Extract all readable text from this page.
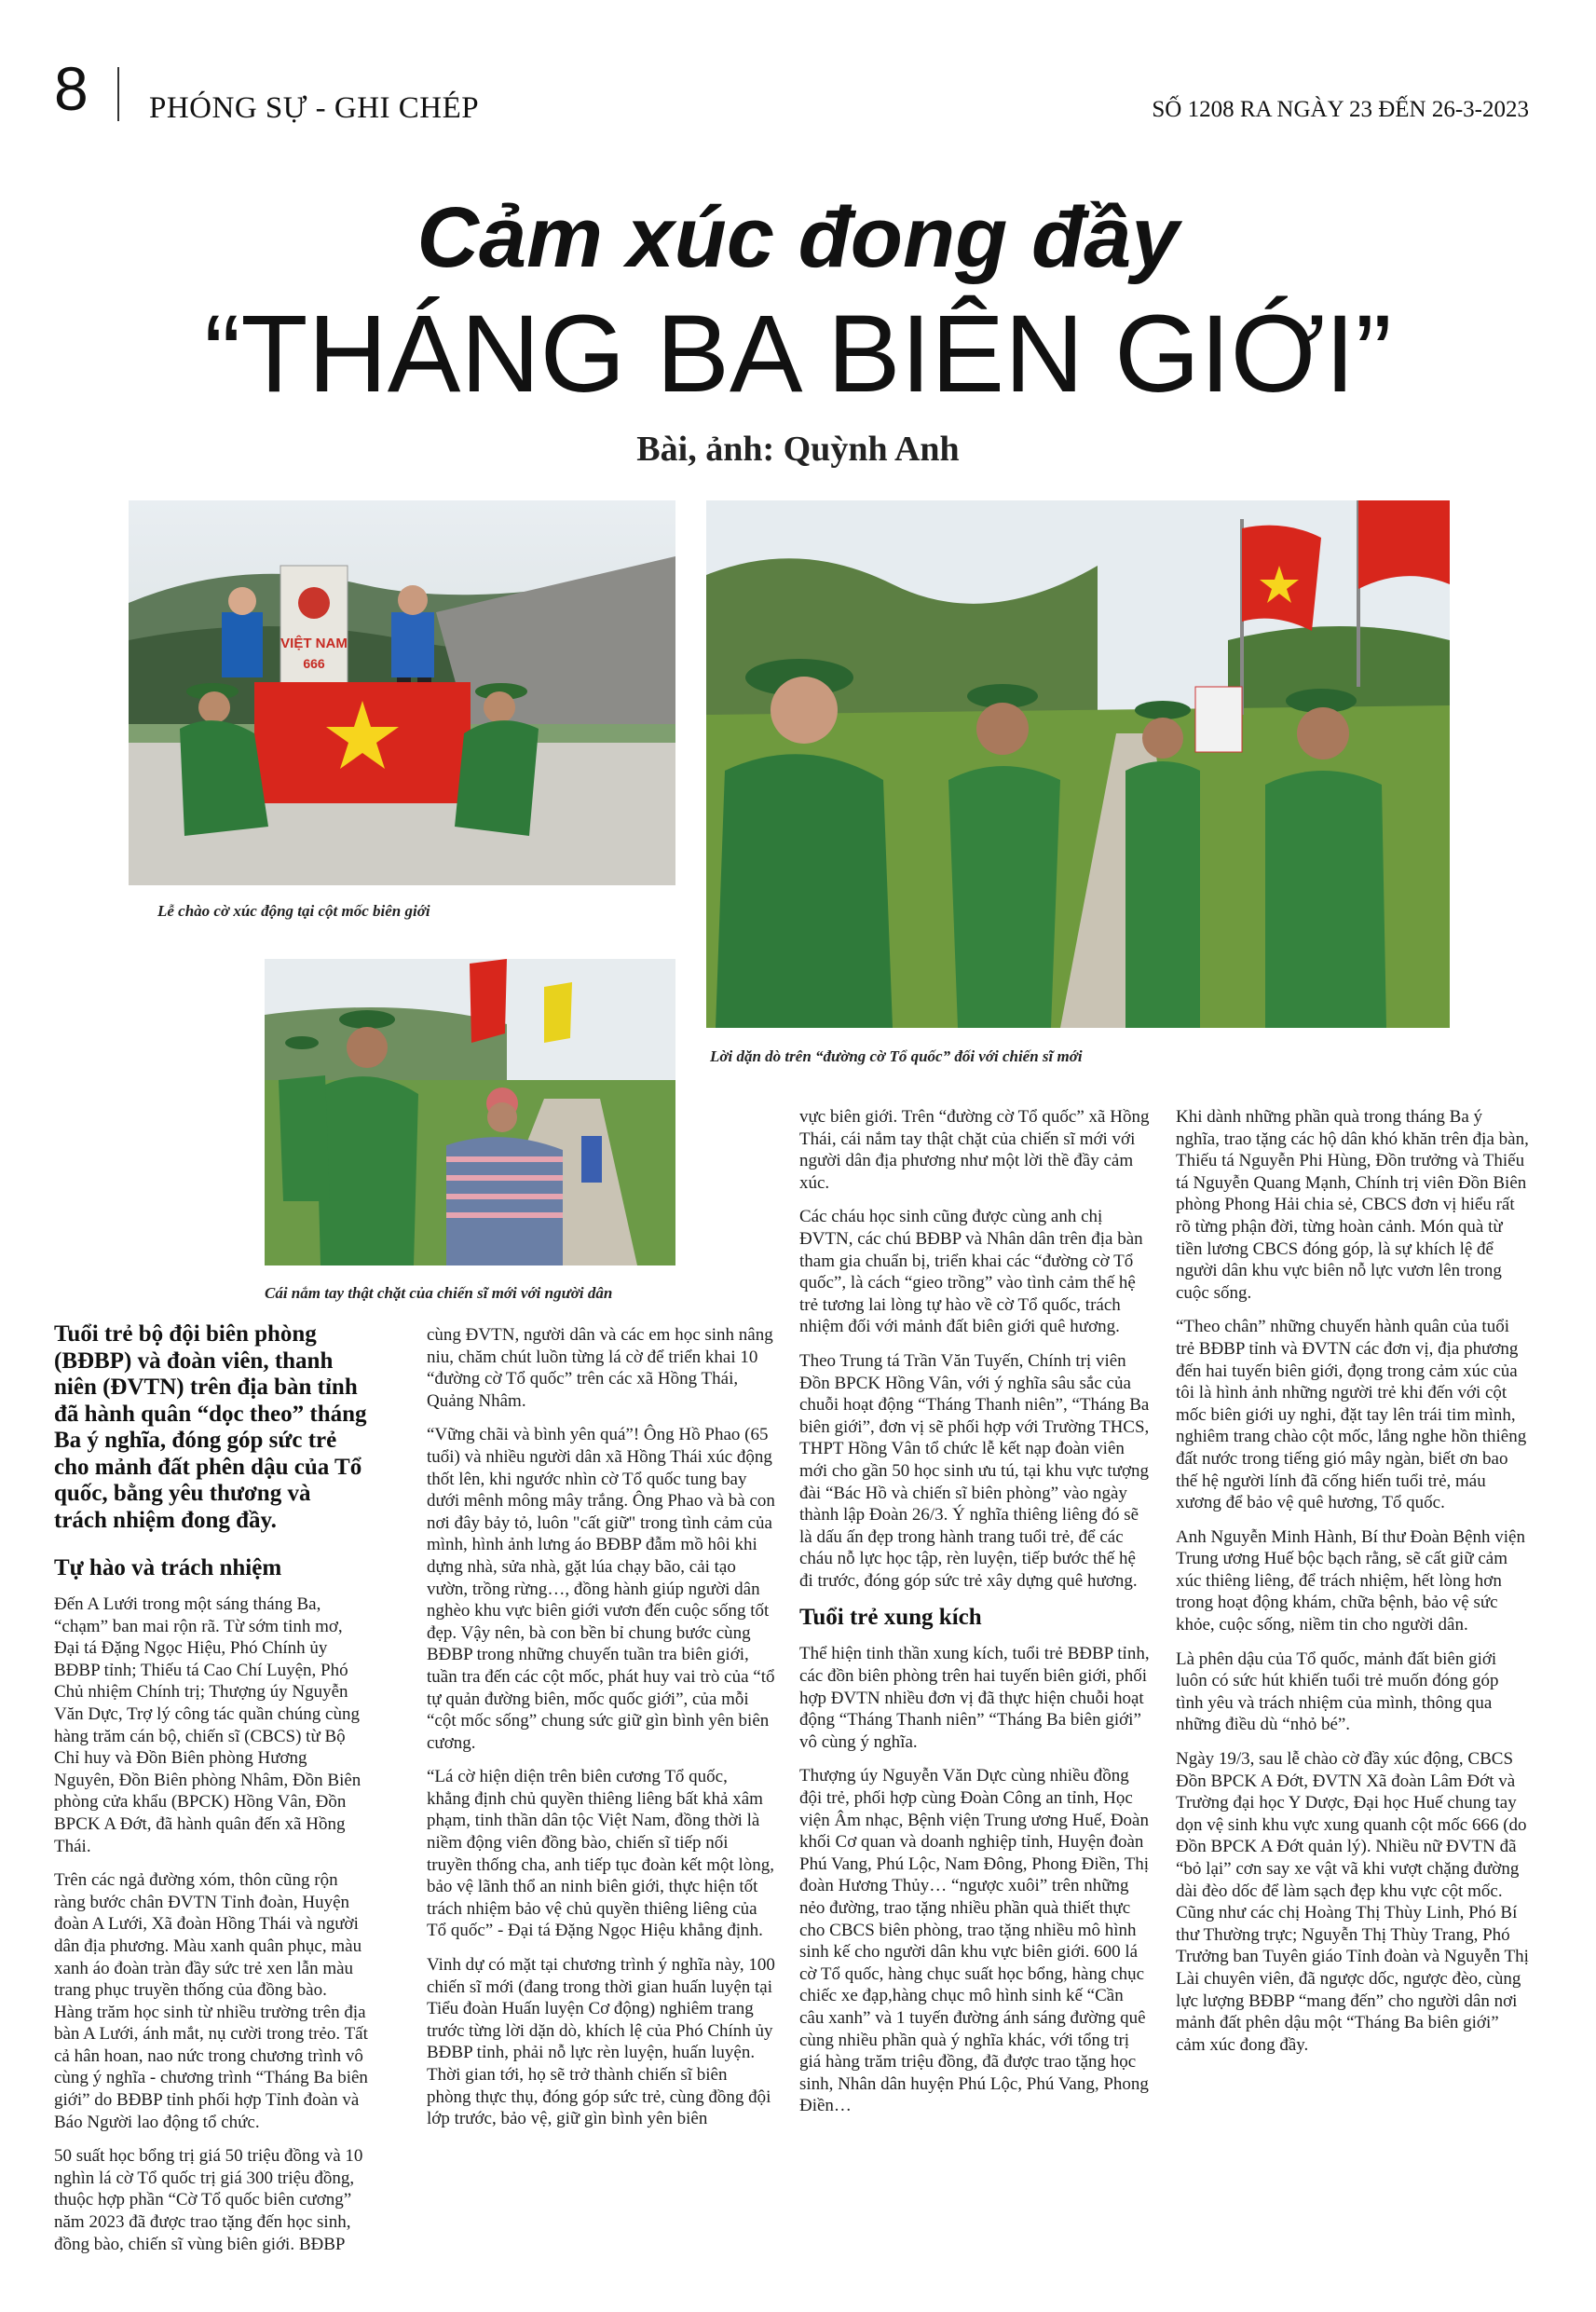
8 PHÓNG SỰ - GHI CHÉP	SỐ 1208 RA NGÀY 23 ĐẾN 26-3-2023
Cảm xúc đong đầy
“THÁNG BA BIÊN GIỚI”
Bài, ảnh: Quỳnh Anh
VIỆT NAM
666
Lễ chào cờ xúc động tại cột mốc biên giới
Lời dặn dò trên “đường cờ Tổ quốc” đối với chiến sĩ mới
Cái nắm tay thật chặt của chiến sĩ mới với người dân

Tuổi trẻ bộ đội biên phòng (BĐBP) và đoàn viên, thanh niên (ĐVTN) trên địa bàn tỉnh đã hành quân “dọc theo” tháng Ba ý nghĩa, đóng góp sức trẻ cho mảnh đất phên dậu của Tổ quốc, bằng yêu thương và trách nhiệm đong đầy.

Tự hào và trách nhiệm

Đến A Lưới trong một sáng tháng Ba, “chạm” ban mai rộn rã. Từ sớm tinh mơ, Đại tá Đặng Ngọc Hiệu, Phó Chính ủy BĐBP tỉnh; Thiếu tá Cao Chí Luyện, Phó Chủ nhiệm Chính trị; Thượng úy Nguyễn Văn Dực, Trợ lý công tác quần chúng cùng hàng trăm cán bộ, chiến sĩ (CBCS) từ Bộ Chỉ huy và Đồn Biên phòng Hương Nguyên, Đồn Biên phòng Nhâm, Đồn Biên phòng cửa khẩu (BPCK) Hồng Vân, Đồn BPCK A Đớt, đã hành quân đến xã Hồng Thái.

Trên các ngả đường xóm, thôn cũng rộn ràng bước chân ĐVTN Tỉnh đoàn, Huyện đoàn A Lưới, Xã đoàn Hồng Thái và người dân địa phương. Màu xanh quân phục, màu xanh áo đoàn tràn đầy sức trẻ xen lẫn màu trang phục truyền thống của đồng bào. Hàng trăm học sinh từ nhiều trường trên địa bàn A Lưới, ánh mắt, nụ cười trong trẻo. Tất cả hân hoan, nao nức trong chương trình vô cùng ý nghĩa - chương trình “Tháng Ba biên giới” do BĐBP tỉnh phối hợp Tỉnh đoàn và Báo Người lao động tổ chức.

50 suất học bổng trị giá 50 triệu đồng và 10 nghìn lá cờ Tổ quốc trị giá 300 triệu đồng, thuộc hợp phần “Cờ Tổ quốc biên cương” năm 2023 đã được trao tặng đến học sinh, đồng bào, chiến sĩ vùng biên giới. BĐBP

cùng ĐVTN, người dân và các em học sinh nâng niu, chăm chút luồn từng lá cờ để triển khai 10 “đường cờ Tổ quốc” trên các xã Hồng Thái, Quảng Nhâm.

“Vững chãi và bình yên quá”! Ông Hồ Phao (65 tuổi) và nhiều người dân xã Hồng Thái xúc động thốt lên, khi ngước nhìn cờ Tổ quốc tung bay dưới mênh mông mây trắng. Ông Phao và bà con nơi đây bảy tỏ, luôn "cất giữ" trong tình cảm của mình, hình ảnh lưng áo BĐBP đẫm mồ hôi khi dựng nhà, sửa nhà, gặt lúa chạy bão, cải tạo vườn, trồng rừng…, đồng hành giúp người dân nghèo khu vực biên giới vươn đến cuộc sống tốt đẹp. Vậy nên, bà con bền bỉ chung bước cùng BĐBP trong những chuyến tuần tra biên giới, tuần tra đến các cột mốc, phát huy vai trò của “tổ tự quản đường biên, mốc quốc giới”, của mỗi “cột mốc sống” chung sức giữ gìn bình yên biên cương.

“Lá cờ hiện diện trên biên cương Tổ quốc, khẳng định chủ quyền thiêng liêng bất khả xâm phạm, tinh thần dân tộc Việt Nam, đồng thời là niềm động viên đồng bào, chiến sĩ tiếp nối truyền thống cha, anh tiếp tục đoàn kết một lòng, bảo vệ lãnh thổ an ninh biên giới, thực hiện tốt trách nhiệm bảo vệ chủ quyền thiêng liêng của Tổ quốc” - Đại tá Đặng Ngọc Hiệu khẳng định.

Vinh dự có mặt tại chương trình ý nghĩa này, 100 chiến sĩ mới (đang trong thời gian huấn luyện tại Tiểu đoàn Huấn luyện Cơ động) nghiêm trang trước từng lời dặn dò, khích lệ của Phó Chính ủy BĐBP tỉnh, phải nỗ lực rèn luyện, huấn luyện. Thời gian tới, họ sẽ trở thành chiến sĩ biên phòng thực thụ, đóng góp sức trẻ, cùng đồng đội lớp trước, bảo vệ, giữ gìn bình yên biên

vực biên giới. Trên “đường cờ Tổ quốc” xã Hồng Thái, cái nắm tay thật chặt của chiến sĩ mới với người dân địa phương như một lời thề đầy cảm xúc.

Các cháu học sinh cũng được cùng anh chị ĐVTN, các chú BĐBP và Nhân dân trên địa bàn tham gia chuẩn bị, triển khai các “đường cờ Tổ quốc”, là cách “gieo trồng” vào tình cảm thế hệ trẻ tương lai lòng tự hào về cờ Tổ quốc, trách nhiệm đối với mảnh đất biên giới quê hương.

Theo Trung tá Trần Văn Tuyến, Chính trị viên Đồn BPCK Hồng Vân, với ý nghĩa sâu sắc của chuỗi hoạt động “Tháng Thanh niên”, “Tháng Ba biên giới”, đơn vị sẽ phối hợp với Trường THCS, THPT Hồng Vân tổ chức lễ kết nạp đoàn viên mới cho gần 50 học sinh ưu tú, tại khu vực tượng đài “Bác Hồ và chiến sĩ biên phòng” vào ngày thành lập Đoàn 26/3. Ý nghĩa thiêng liêng đó sẽ là dấu ấn đẹp trong hành trang tuổi trẻ, để các cháu nỗ lực học tập, rèn luyện, tiếp bước thế hệ đi trước, đóng góp sức trẻ xây dựng quê hương.

Tuổi trẻ xung kích

Thể hiện tinh thần xung kích, tuổi trẻ BĐBP tỉnh, các đồn biên phòng trên hai tuyến biên giới, phối hợp ĐVTN nhiều đơn vị đã thực hiện chuỗi hoạt động “Tháng Thanh niên” “Tháng Ba biên giới” vô cùng ý nghĩa.

Thượng úy Nguyễn Văn Dực cùng nhiều đồng đội trẻ, phối hợp cùng Đoàn Công an tỉnh, Học viện Âm nhạc, Bệnh viện Trung ương Huế, Đoàn khối Cơ quan và doanh nghiệp tỉnh, Huyện đoàn Phú Vang, Phú Lộc, Nam Đông, Phong Điền, Thị đoàn Hương Thủy… “ngược xuôi” trên những nẻo đường, trao tặng nhiều phần quà thiết thực cho CBCS biên phòng, trao tặng nhiều mô hình sinh kế cho người dân khu vực biên giới. 600 lá cờ Tổ quốc, hàng chục suất học bổng, hàng chục chiếc xe đạp,hàng chục mô hình sinh kế “Cần câu xanh” và 1 tuyến đường ánh sáng đường quê cùng nhiều phần quà ý nghĩa khác, với tổng trị giá hàng trăm triệu đồng, đã được trao tặng học sinh, Nhân dân huyện Phú Lộc, Phú Vang, Phong Điền…

Khi dành những phần quà trong tháng Ba ý nghĩa, trao tặng các hộ dân khó khăn trên địa bàn, Thiếu tá Nguyễn Phi Hùng, Đồn trưởng và Thiếu tá Nguyễn Quang Mạnh, Chính trị viên Đồn Biên phòng Phong Hải chia sẻ, CBCS đơn vị hiểu rất rõ từng phận đời, từng hoàn cảnh. Món quà từ tiền lương CBCS đóng góp, là sự khích lệ để người dân khu vực biên nỗ lực vươn lên trong cuộc sống.

“Theo chân” những chuyến hành quân của tuổi trẻ BĐBP tỉnh và ĐVTN các đơn vị, địa phương đến hai tuyến biên giới, đọng trong cảm xúc của tôi là hình ảnh những người trẻ khi đến với cột mốc biên giới uy nghi, đặt tay lên trái tim mình, nghiêm trang chào cột mốc, lắng nghe hồn thiêng đất nước trong tiếng gió mây ngàn, biết ơn bao thế hệ người lính đã cống hiến tuổi trẻ, máu xương để bảo vệ quê hương, Tổ quốc.

Anh Nguyễn Minh Hành, Bí thư Đoàn Bệnh viện Trung ương Huế bộc bạch rằng, sẽ cất giữ cảm xúc thiêng liêng, để trách nhiệm, hết lòng hơn trong hoạt động khám, chữa bệnh, bảo vệ sức khỏe, cuộc sống, niềm tin cho người dân.

Là phên dậu của Tổ quốc, mảnh đất biên giới luôn có sức hút khiến tuổi trẻ muốn đóng góp tình yêu và trách nhiệm của mình, thông qua những điều dù “nhỏ bé”.

Ngày 19/3, sau lễ chào cờ đầy xúc động, CBCS Đồn BPCK A Đớt, ĐVTN Xã đoàn Lâm Đớt và Trường đại học Y Dược, Đại học Huế chung tay dọn vệ sinh khu vực xung quanh cột mốc 666 (do Đồn BPCK A Đớt quản lý). Nhiều nữ ĐVTN đã “bỏ lại” cơn say xe vật vã khi vượt chặng đường dài đèo dốc để làm sạch đẹp khu vực cột mốc. Cũng như các chị Hoàng Thị Thùy Linh, Phó Bí thư Thường trực; Nguyễn Thị Thùy Trang, Phó Trưởng ban Tuyên giáo Tỉnh đoàn và Nguyễn Thị Lài chuyên viên, đã ngược dốc, ngược đèo, cùng lực lượng BĐBP “mang đến” cho người dân nơi mảnh đất phên dậu một “Tháng Ba biên giới” cảm xúc đong đầy.
